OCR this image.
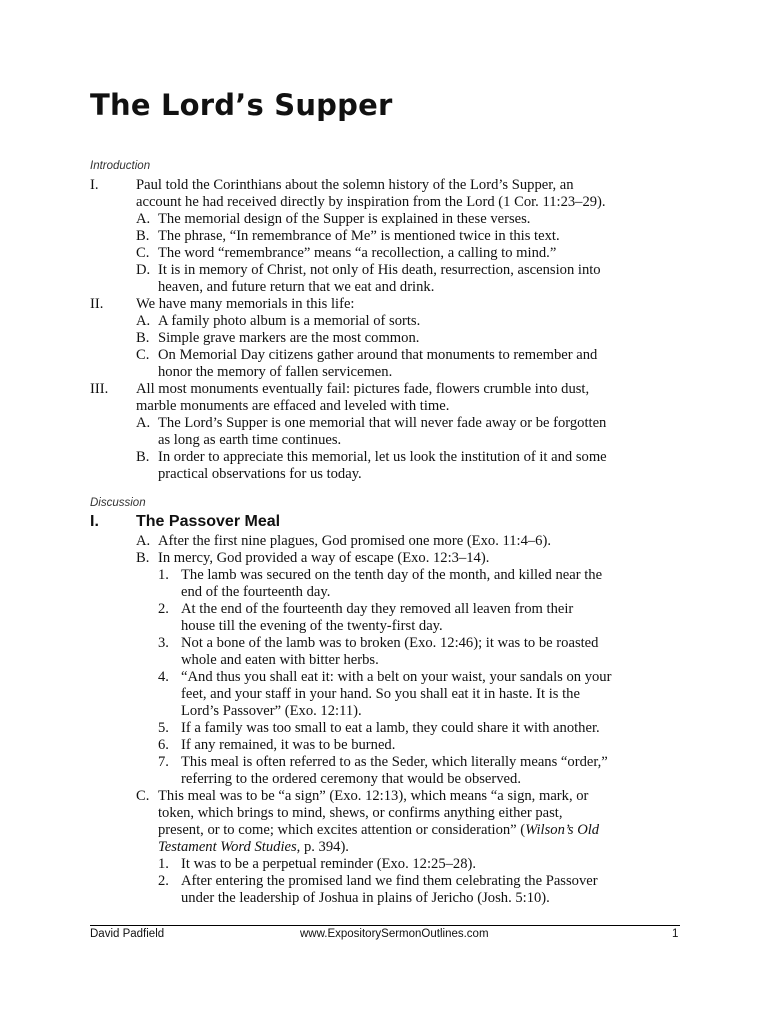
The Lord’s Supper
Introduction
I.	Paul told the Corinthians about the solemn history of the Lord’s Supper, an
account he had received directly by inspiration from the Lord (1 Cor. 11:23–29).
A. The memorial design of the Supper is explained in these verses.
B. The phrase, “In remembrance of Me” is mentioned twice in this text.
C. The word “remembrance” means “a recollection, a calling to mind.”
D. It is in memory of Christ, not only of His death, resurrection, ascension into
heaven, and future return that we eat and drink.
II. We have many memorials in this life:
A. A family photo album is a memorial of sorts.
B. Simple grave markers are the most common.
C. On Memorial Day citizens gather around that monuments to remember and
honor the memory of fallen servicemen.
III. All most monuments eventually fail: pictures fade, flowers crumble into dust,
marble monuments are effaced and leveled with time.
A. The Lord’s Supper is one memorial that will never fade away or be forgotten
as long as earth time continues.
B. In order to appreciate this memorial, let us look the institution of it and some
practical observations for us today.
Discussion
I. The Passover Meal
A. After the first nine plagues, God promised one more (Exo. 11:4–6).
B. In mercy, God provided a way of escape (Exo. 12:3–14).
1. The lamb was secured on the tenth day of the month, and killed near the
end of the fourteenth day.
2. At the end of the fourteenth day they removed all leaven from their
house till the evening of the twenty-first day.
3. Not a bone of the lamb was to broken (Exo. 12:46); it was to be roasted
whole and eaten with bitter herbs.
4. “And thus you shall eat it: with a belt on your waist, your sandals on your
feet, and your staff in your hand. So you shall eat it in haste. It is the
Lord’s Passover” (Exo. 12:11).
5. If a family was too small to eat a lamb, they could share it with another.
6. If any remained, it was to be burned.
7. This meal is often referred to as the Seder, which literally means “order,”
referring to the ordered ceremony that would be observed.
C. This meal was to be “a sign” (Exo. 12:13), which means “a sign, mark, or
token, which brings to mind, shews, or confirms anything either past,
present, or to come; which excites attention or consideration” (Wilson’s Old
Testament Word Studies, p. 394).
1. It was to be a perpetual reminder (Exo. 12:25–28).
2. After entering the promised land we find them celebrating the Passover
under the leadership of Joshua in plains of Jericho (Josh. 5:10).
David Padfield	www.ExpositorySermonOutlines.com	1
